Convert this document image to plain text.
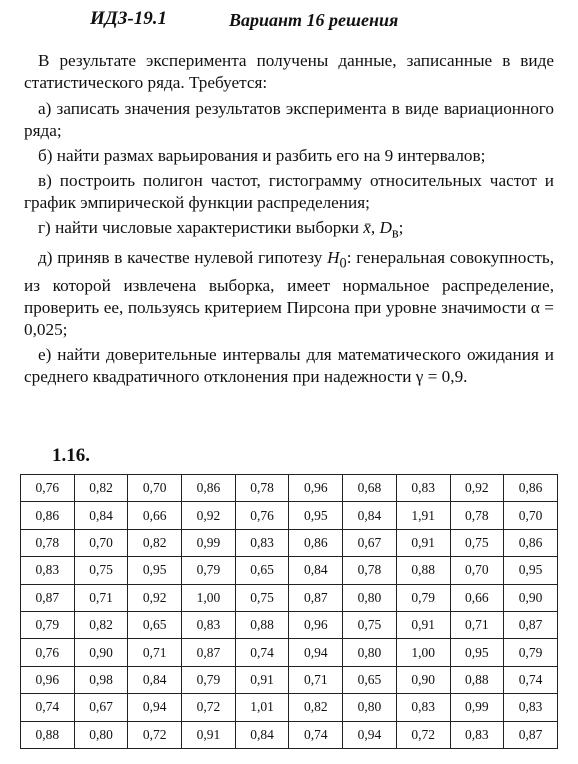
ИДЗ-19.1	Вариант 16 решения

В результате эксперимента получены данные, записанные в виде статистического ряда. Требуется:

а) записать значения результатов эксперимента в виде вариационного ряда;

б) найти размах варьирования и разбить его на 9 интервалов;

в) построить полигон частот, гистограмму относительных частот и график эмпирической функции распределения;

г) найти числовые характеристики выборки x̄, $D_в$;

д) приняв в качестве нулевой гипотезу $H_0$: генеральная совокупность, из которой извлечена выборка, имеет нормальное распределение, проверить ее, пользуясь критерием Пирсона при уровне значимости α = 0,025;

е) найти доверительные интервалы для математического ожидания и среднего квадратичного отклонения при надежности γ = 0,9.

1.16.
0,76	0,82	0,70	0,86	0,78	0,96	0,68	0,83	0,92	0,86
0,86	0,84	0,66	0,92	0,76	0,95	0,84	1,91	0,78	0,70
0,78	0,70	0,82	0,99	0,83	0,86	0,67	0,91	0,75	0,86
0,83	0,75	0,95	0,79	0,65	0,84	0,78	0,88	0,70	0,95
0,87	0,71	0,92	1,00	0,75	0,87	0,80	0,79	0,66	0,90
0,79	0,82	0,65	0,83	0,88	0,96	0,75	0,91	0,71	0,87
0,76	0,90	0,71	0,87	0,74	0,94	0,80	1,00	0,95	0,79
0,96	0,98	0,84	0,79	0,91	0,71	0,65	0,90	0,88	0,74
0,74	0,67	0,94	0,72	1,01	0,82	0,80	0,83	0,99	0,83
0,88	0,80	0,72	0,91	0,84	0,74	0,94	0,72	0,83	0,87
